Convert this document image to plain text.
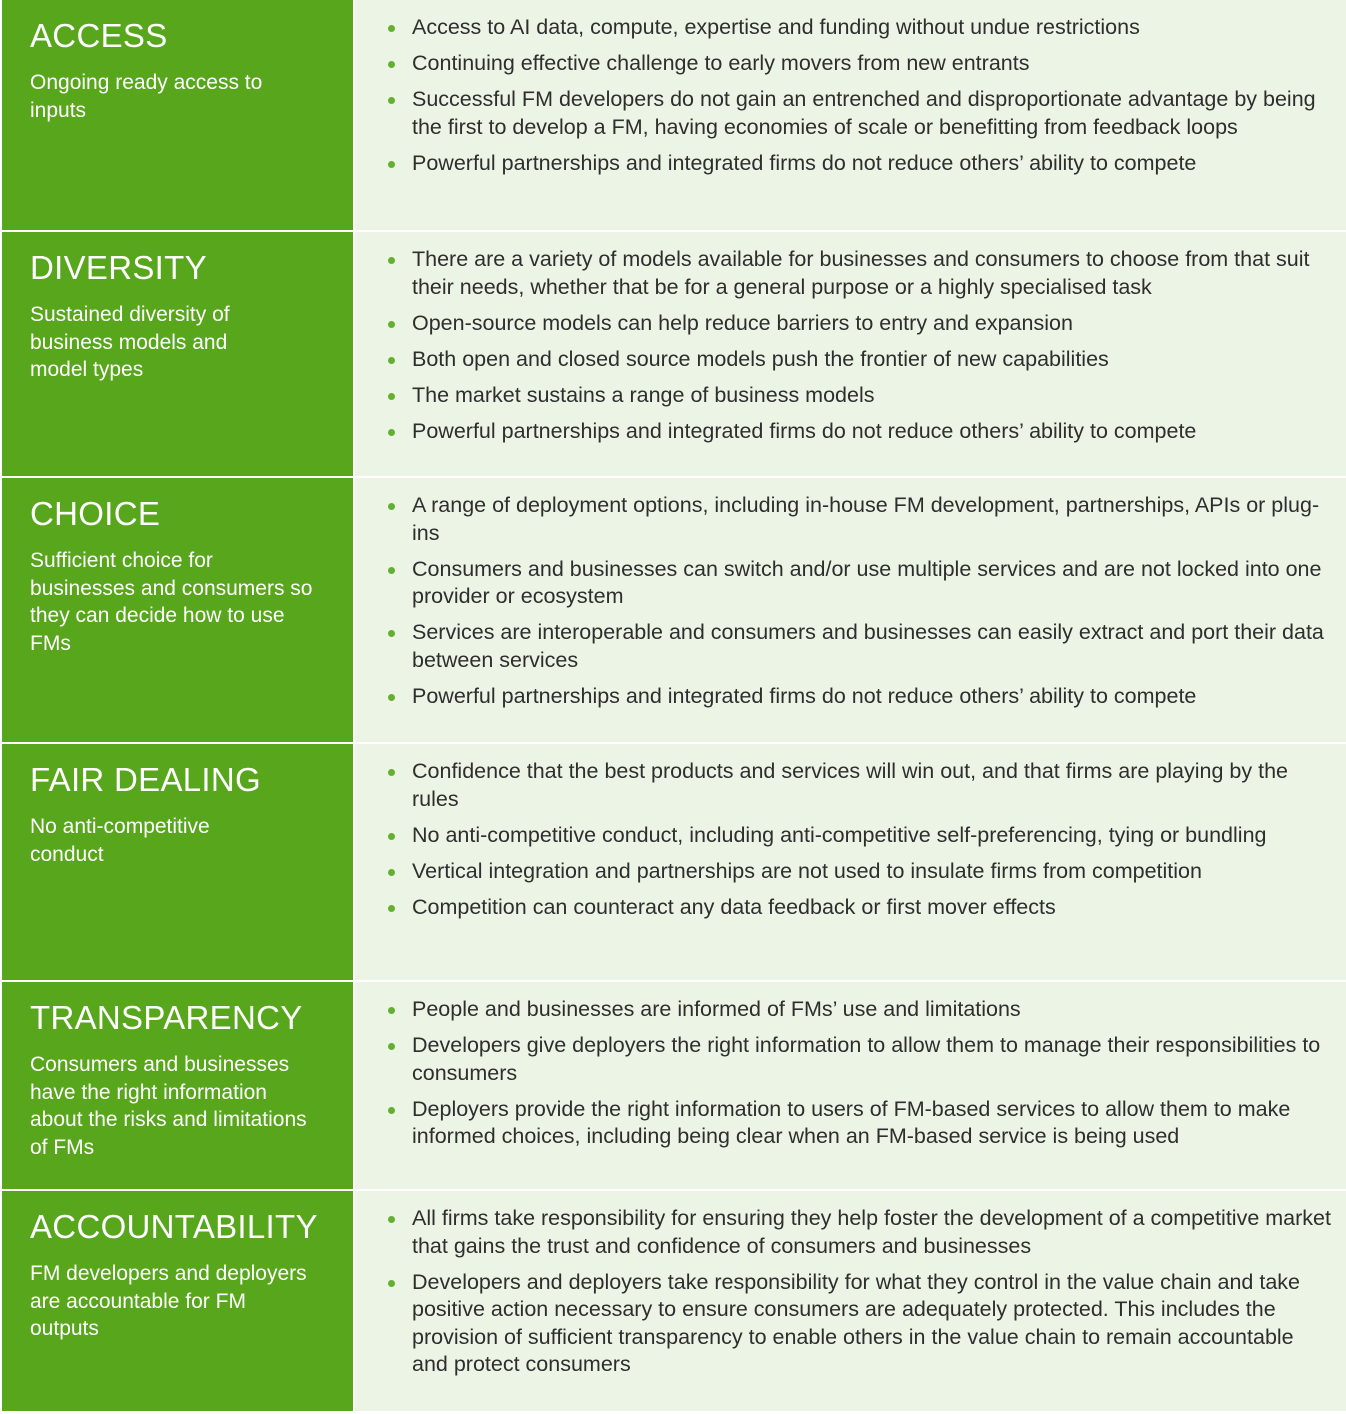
ACCESS
Ongoing ready access to inputs
Access to AI data, compute, expertise and funding without undue restrictions
Continuing effective challenge to early movers from new entrants
Successful FM developers do not gain an entrenched and disproportionate advantage by being the first to develop a FM, having economies of scale or benefitting from feedback loops
Powerful partnerships and integrated firms do not reduce others’ ability to compete
DIVERSITY
Sustained diversity of business models and model types
There are a variety of models available for businesses and consumers to choose from that suit their needs, whether that be for a general purpose or a highly specialised task
Open-source models can help reduce barriers to entry and expansion
Both open and closed source models push the frontier of new capabilities
The market sustains a range of business models
Powerful partnerships and integrated firms do not reduce others’ ability to compete
CHOICE
Sufficient choice for businesses and consumers so they can decide how to use FMs
A range of deployment options, including in-house FM development, partnerships, APIs or plug-ins
Consumers and businesses can switch and/or use multiple services and are not locked into one provider or ecosystem
Services are interoperable and consumers and businesses can easily extract and port their data between services
Powerful partnerships and integrated firms do not reduce others’ ability to compete
FAIR DEALING
No anti-competitive conduct
Confidence that the best products and services will win out, and that firms are playing by the rules
No anti-competitive conduct, including anti-competitive self-preferencing, tying or bundling
Vertical integration and partnerships are not used to insulate firms from competition
Competition can counteract any data feedback or first mover effects
TRANSPARENCY
Consumers and businesses have the right information about the risks and limitations of FMs
People and businesses are informed of FMs’ use and limitations
Developers give deployers the right information to allow them to manage their responsibilities to consumers
Deployers provide the right information to users of FM-based services to allow them to make informed choices, including being clear when an FM-based service is being used
ACCOUNTABILITY
FM developers and deployers are accountable for FM outputs
All firms take responsibility for ensuring they help foster the development of a competitive market that gains the trust and confidence of consumers and businesses
Developers and deployers take responsibility for what they control in the value chain and take positive action necessary to ensure consumers are adequately protected. This includes the provision of sufficient transparency to enable others in the value chain to remain accountable and protect consumers
